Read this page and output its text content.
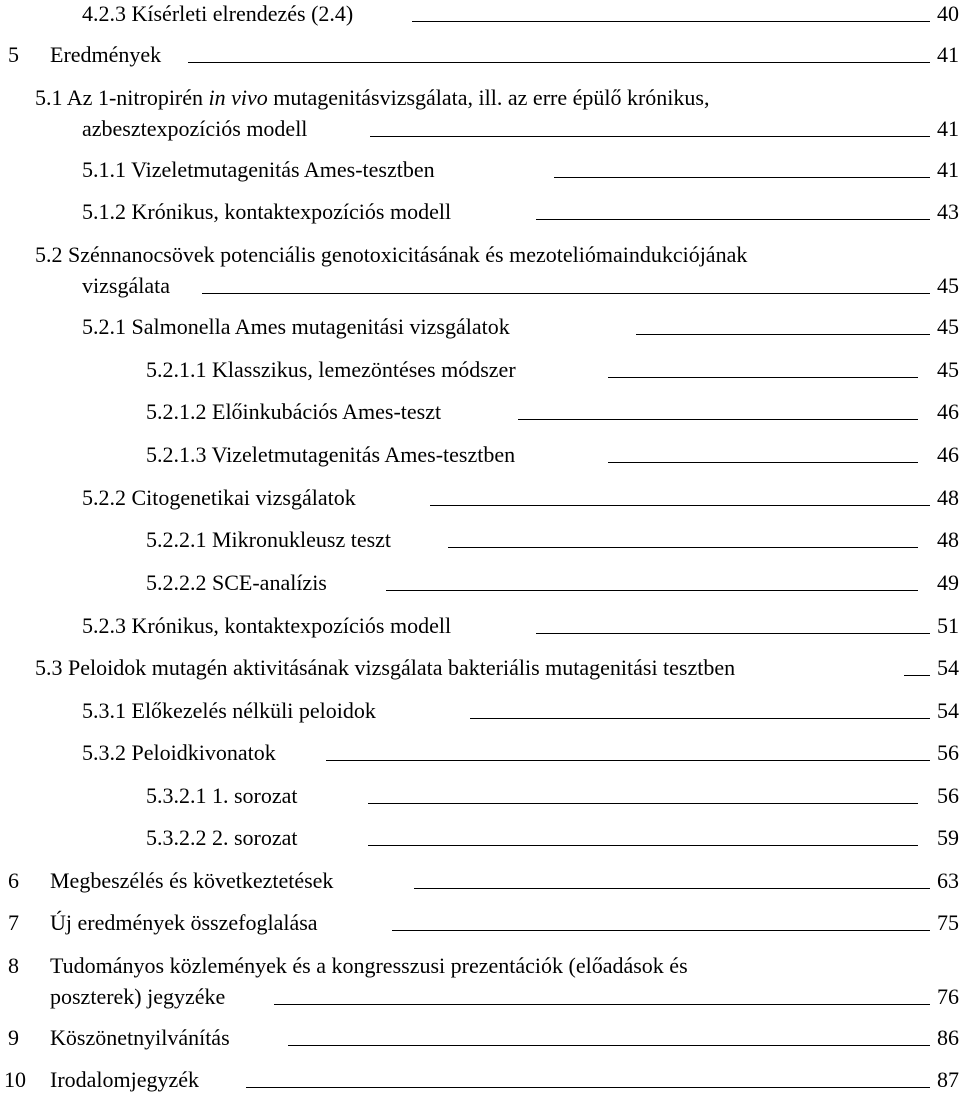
4.2.3 Kísérleti elrendezés (2.4)	40
5 Eredmények	41
5.1 Az 1-nitropirén in vivo mutagenitásvizsgálata, ill. az erre épülő krónikus,
azbesztexpozíciós modell	41
5.1.1 Vizeletmutagenitás Ames-tesztben	41
5.1.2 Krónikus, kontaktexpozíciós modell	43
5.2 Szénnanocsövek potenciális genotoxicitásának és mezoteliómaindukciójának
vizsgálata	45
5.2.1 Salmonella Ames mutagenitási vizsgálatok	45
5.2.1.1 Klasszikus, lemezöntéses módszer	45
5.2.1.2 Előinkubációs Ames-teszt	46
5.2.1.3 Vizeletmutagenitás Ames-tesztben	46
5.2.2 Citogenetikai vizsgálatok	48
5.2.2.1 Mikronukleusz teszt	48
5.2.2.2 SCE-analízis	49
5.2.3 Krónikus, kontaktexpozíciós modell	51
5.3 Peloidok mutagén aktivitásának vizsgálata bakteriális mutagenitási tesztben	54
5.3.1 Előkezelés nélküli peloidok	54
5.3.2 Peloidkivonatok	56
5.3.2.1 1. sorozat	56
5.3.2.2 2. sorozat	59
6 Megbeszélés és következtetések	63
7 Új eredmények összefoglalása	75
8 Tudományos közlemények és a kongresszusi prezentációk (előadások és
poszterek) jegyzéke	76
9 Köszönetnyilvánítás	86
10 Irodalomjegyzék	87
